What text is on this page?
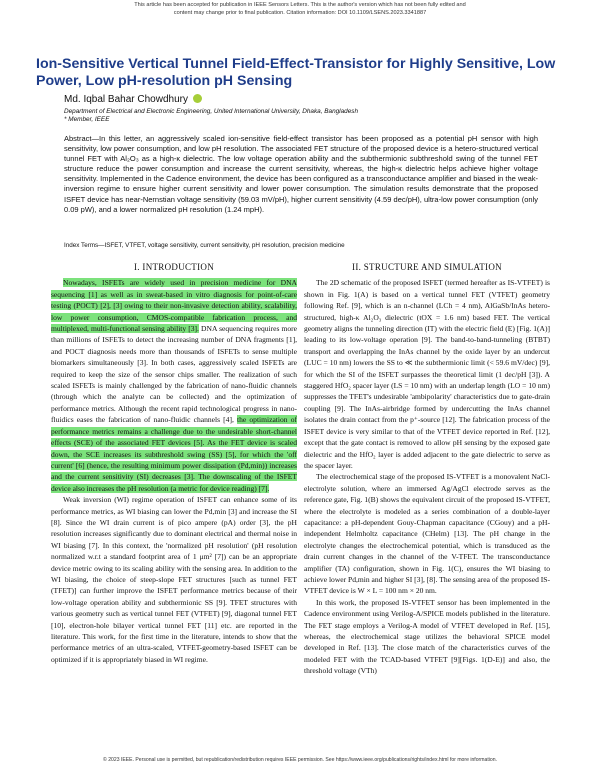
This article has been accepted for publication in IEEE Sensors Letters. This is the author's version which has not been fully edited and
content may change prior to final publication. Citation information: DOI 10.1109/LSENS.2023.3341887
Ion-Sensitive Vertical Tunnel Field-Effect-Transistor for Highly Sensitive, Low Power, Low pH-resolution pH Sensing
Md. Iqbal Bahar Chowdhury
Department of Electrical and Electronic Engineering, United International University, Dhaka, Bangladesh
* Member, IEEE
Abstract—In this letter, an aggressively scaled ion-sensitive field-effect transistor has been proposed as a potential pH sensor with high sensitivity, low power consumption, and low pH resolution. The associated FET structure of the proposed device is a hetero-structured vertical tunnel FET with Al₂O₃ as a high-κ dielectric. The low voltage operation ability and the subthermionic subthreshold swing of the tunnel FET structure reduce the power consumption and increase the current sensitivity, whereas, the high-κ dielectric helps achieve higher voltage sensitivity. Implemented in the Cadence environment, the device has been configured as a transconductance amplifier and biased in the weak-inversion regime to ensure higher current sensitivity and lower power consumption. The simulation results demonstrate that the proposed ISFET device has near-Nernstian voltage sensitivity (59.03 mV/pH), higher current sensitivity (4.59 dec/pH), ultra-low power consumption (only 0.09 pW), and a lower normalized pH resolution (1.24 mpH).
Index Terms—ISFET, VTFET, voltage sensitivity, current sensitivity, pH resolution, precision medicine
I. INTRODUCTION

Nowadays, ISFETs are widely used in precision medicine for DNA sequencing [1] as well as in sweat-based in vitro diagnosis for point-of-care testing (POCT) [2], [3] owing to their non-invasive detection ability, scalability, low power consumption, CMOS-compatible fabrication process, and multiplexed, multi-functional sensing ability [3]. DNA sequencing requires more than millions of ISFETs to detect the increasing number of DNA fragments [1], and POCT diagnosis needs more than thousands of ISFETs to sense multiple biomarkers simultaneously [3]. In both cases, aggressively scaled ISFETs are required to keep the size of the sensor chips smaller. The realization of such scaled ISFETs is mainly challenged by the fabrication of nano-fluidic channels (through which the analyte can be collected) and the optimization of performance metrics. Although the recent rapid technological progress in nano-fluidics eases the fabrication of nano-fluidic channels [4], the optimization of performance metrics remains a challenge due to the undesirable short-channel effects (SCE) of the associated FET devices [5]. As the FET device is scaled down, the SCE increases its subthreshold swing (SS) [5], for which the 'off current' [6] (hence, the resulting minimum power dissipation (Pd,min)) increases and the current sensitivity (SI) decreases [3]. The downscaling of the ISFET device also increases the pH resolution (a metric for device reading) [7].

Weak inversion (WI) regime operation of ISFET can enhance some of its performance metrics, as WI biasing can lower the Pd,min [3] and increase the SI [8]. Since the WI drain current is of pico ampere (pA) order [3], the pH resolution increases significantly due to dominant electrical and thermal noise in WI biasing [7]. In this context, the 'normalized pH resolution' (pH resolution normalized w.r.t a standard footprint area of 1 μm² [7]) can be an appropriate device metric owing to its scaling ability with the sensing area. In addition to the WI biasing, the choice of steep-slope FET structures [such as tunnel FET (TFET)] can further improve the ISFET performance metrics because of their low-voltage operation ability and subthermionic SS [9]. TFET structures with various geometry such as vertical tunnel FET (VTFET) [9], diagonal tunnel FET [10], electron-hole bilayer vertical tunnel FET [11] etc. are reported in the literature. This work, for the first time in the literature, intends to show that the performance metrics of an ultra-scaled, VTFET-geometry-based ISFET can be optimized if it is appropriately biased in WI regime.

II. STRUCTURE AND SIMULATION

The 2D schematic of the proposed ISFET (termed hereafter as IS-VTFET) is shown in Fig. 1(A) is based on a vertical tunnel FET (VTFET) geometry following Ref. [9], which is an n-channel (LCh = 4 nm), AlGaSb/InAs hetero-structured, high-κ Al₂O₃ dielectric (tOX = 1.6 nm) based FET. The vertical geometry aligns the tunneling direction (IT) with the electric field (E) [Fig. 1(A)] leading to its low-voltage operation [9]. The band-to-band-tunneling (BTBT) transport and overlapping the InAs channel by the oxide layer by an undercut (LUC = 10 nm) lowers the SS to ≪ the subthermionic limit (< 59.6 mV/dec) [9], for which the SI of the ISFET surpasses the theoretical limit (1 dec/pH [3]). A staggered HfO₂ spacer layer (LS = 10 nm) with an underlap length (LO = 10 nm) suppresses the TFET's undesirable 'ambipolarity' characteristics due to gate-drain coupling [9]. The InAs-airbridge formed by undercutting the InAs channel isolates the drain contact from the p⁺-source [12]. The fabrication process of the ISFET device is very similar to that of the VTFET device reported in Ref. [12], except that the gate contact is removed to allow pH sensing by the exposed gate dielectric and the HfO₂ layer is added adjacent to the gate dielectric to serve as the spacer layer.

The electrochemical stage of the proposed IS-VTFET is a monovalent NaCl-electrolyte solution, where an immersed Ag/AgCl electrode serves as the reference gate, Fig. 1(B) shows the equivalent circuit of the proposed IS-VTFET, where the electrolyte is modeled as a series combination of a double-layer capacitance: a pH-dependent Gouy-Chapman capacitance (CGouy) and a pH-independent Helmholtz capacitance (CHelm) [13]. The pH change in the electrolyte changes the electrochemical potential, which is transduced as the drain current changes in the channel of the V-TFET. The transconductance amplifier (TA) configuration, shown in Fig. 1(C), ensures the WI biasing to achieve lower Pd,min and higher SI [3], [8]. The sensing area of the proposed IS-VTFET device is W × L = 100 nm × 20 nm.

In this work, the proposed IS-VTFET sensor has been implemented in the Cadence environment using Verilog-A/SPICE models published in the literature. The FET stage employs a Verilog-A model of VTFET developed in Ref. [15], whereas, the electrochemical stage utilizes the behavioral SPICE model developed in Ref. [13]. The close match of the characteristics curves of the modeled FET with the TCAD-based VTFET [9][Figs. 1(D-E)] and also, the threshold voltage (VTh)

© 2023 IEEE. Personal use is permitted, but republication/redistribution requires IEEE permission. See https://www.ieee.org/publications/rights/index.html for more information.
